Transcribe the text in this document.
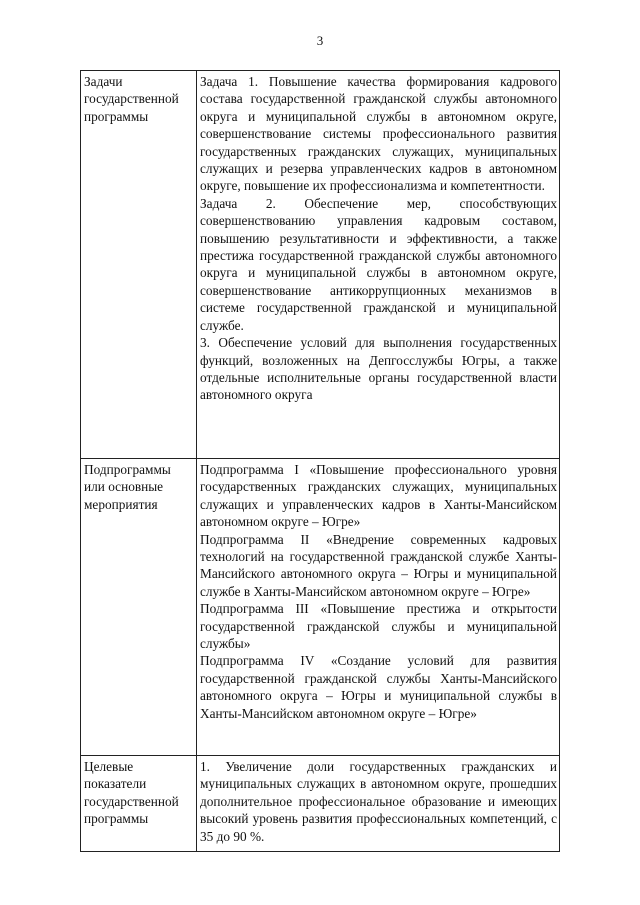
3
Задачи государственной программы	Задача 1. Повышение качества формирования кадрового состава государственной гражданской службы автономного округа и муниципальной службы в автономном округе, совершенствование системы профессионального развития государственных гражданских служащих, муниципальных служащих и резерва управленческих кадров в автономном округе, повышение их профессионализма и компетентности.

Задача 2. Обеспечение мер, способствующих совершенствованию управления кадровым составом, повышению результативности и эффективности, а также престижа государственной гражданской службы автономного округа и муниципальной службы в автономном округе, совершенствование антикоррупционных механизмов в системе государственной гражданской и муниципальной службе.

3. Обеспечение условий для выполнения государственных функций, возложенных на Депгосслужбы Югры, а также отдельные исполнительные органы государственной власти автономного округа

Подпрограммы или основные мероприятия	Подпрограмма I «Повышение профессионального уровня государственных гражданских служащих, муниципальных служащих и управленческих кадров в Ханты-Мансийском автономном округе – Югре»

Подпрограмма II «Внедрение современных кадровых технологий на государственной гражданской службе Ханты-Мансийского автономного округа – Югры и муниципальной службе в Ханты-Мансийском автономном округе – Югре»

Подпрограмма III «Повышение престижа и открытости государственной гражданской службы и муниципальной службы»

Подпрограмма IV «Создание условий для развития государственной гражданской службы Ханты-Мансийского автономного округа – Югры и муниципальной службы в Ханты-Мансийском автономном округе – Югре»

Целевые показатели государственной программы	1. Увеличение доли государственных гражданских и муниципальных служащих в автономном округе, прошедших дополнительное профессиональное образование и имеющих высокий уровень развития профессиональных компетенций, с 35 до 90 %.
